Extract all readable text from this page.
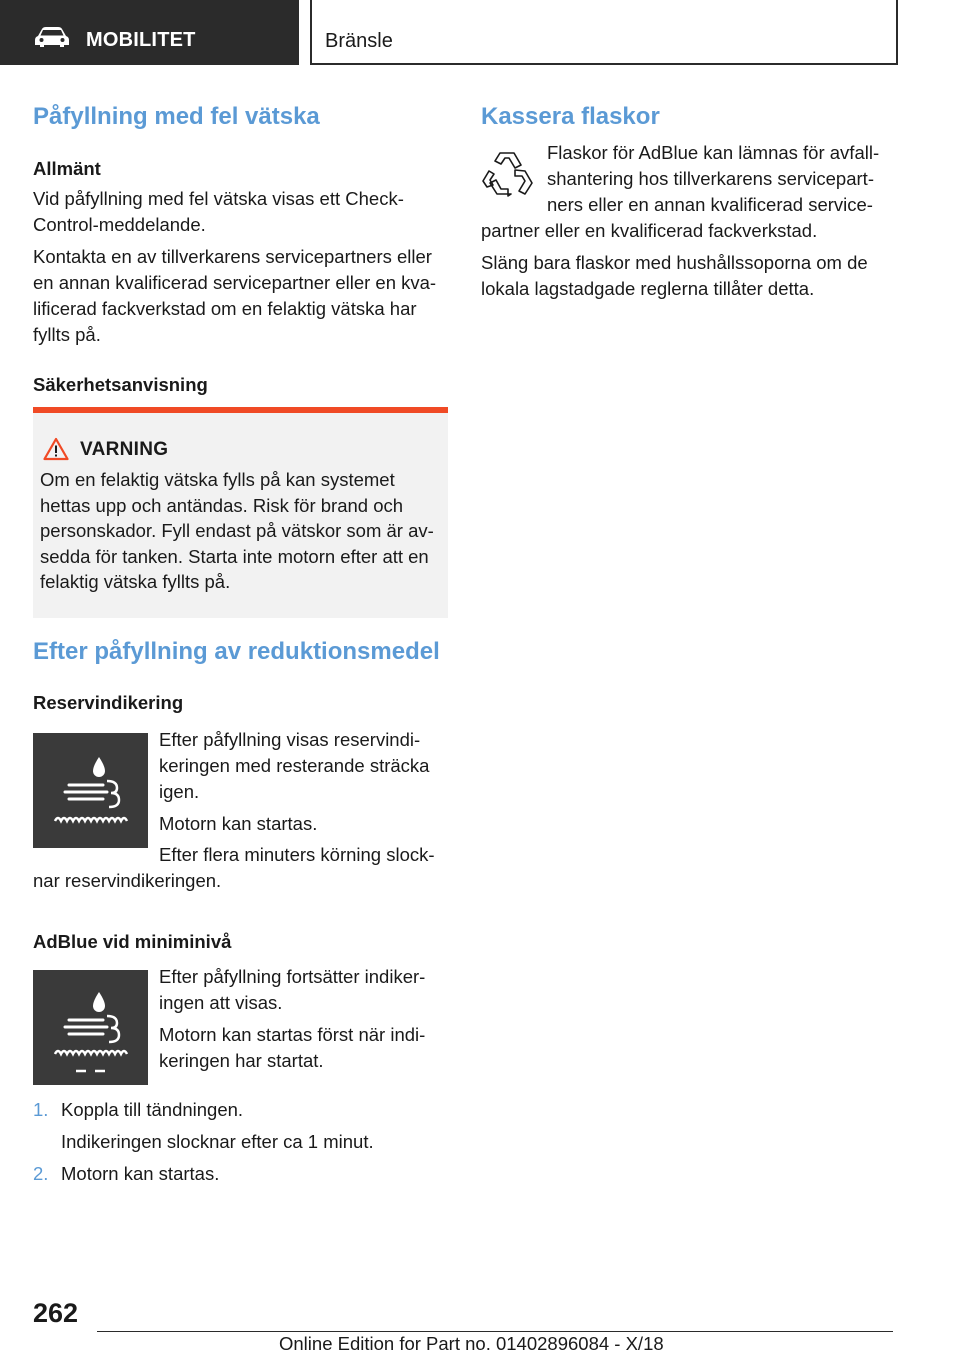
MOBILITET	Bränsle
Påfyllning med fel vätska
Allmänt

Vid påfyllning med fel vätska visas ett Check-Control-meddelande.

Kontakta en av tillverkarens servicepartners eller en annan kvalificerad servicepartner eller en kva-lificerad fackverkstad om en felaktig vätska har fyllts på.

Säkerhetsanvisning
VARNING

Om en felaktig vätska fylls på kan systemet hettas upp och antändas. Risk för brand och personskador. Fyll endast på vätskor som är av-sedda för tanken. Starta inte motorn efter att en felaktig vätska fyllts på.

Efter påfyllning av reduktionsmedel
Reservindikering

Efter påfyllning visas reservindi-keringen med resterande sträcka igen.

Motorn kan startas.

Efter flera minuters körning slock-nar reservindikeringen.

AdBlue vid miniminivå

Efter påfyllning fortsätter indiker-ingen att visas.

Motorn kan startas först när indi-keringen har startat.

1. Koppla till tändningen.
Indikeringen slocknar efter ca 1 minut.
2. Motorn kan startas.
Kassera flaskor

Flaskor för AdBlue kan lämnas för avfall-
shantering hos tillverkarens servicepart-
ners eller en annan kvalificerad service-
partner eller en kvalificerad fackverkstad.

Släng bara flaskor med hushållssoporna om de lokala lagstadgade reglerna tillåter detta.

262
Online Edition for Part no. 01402896084 - X/18
